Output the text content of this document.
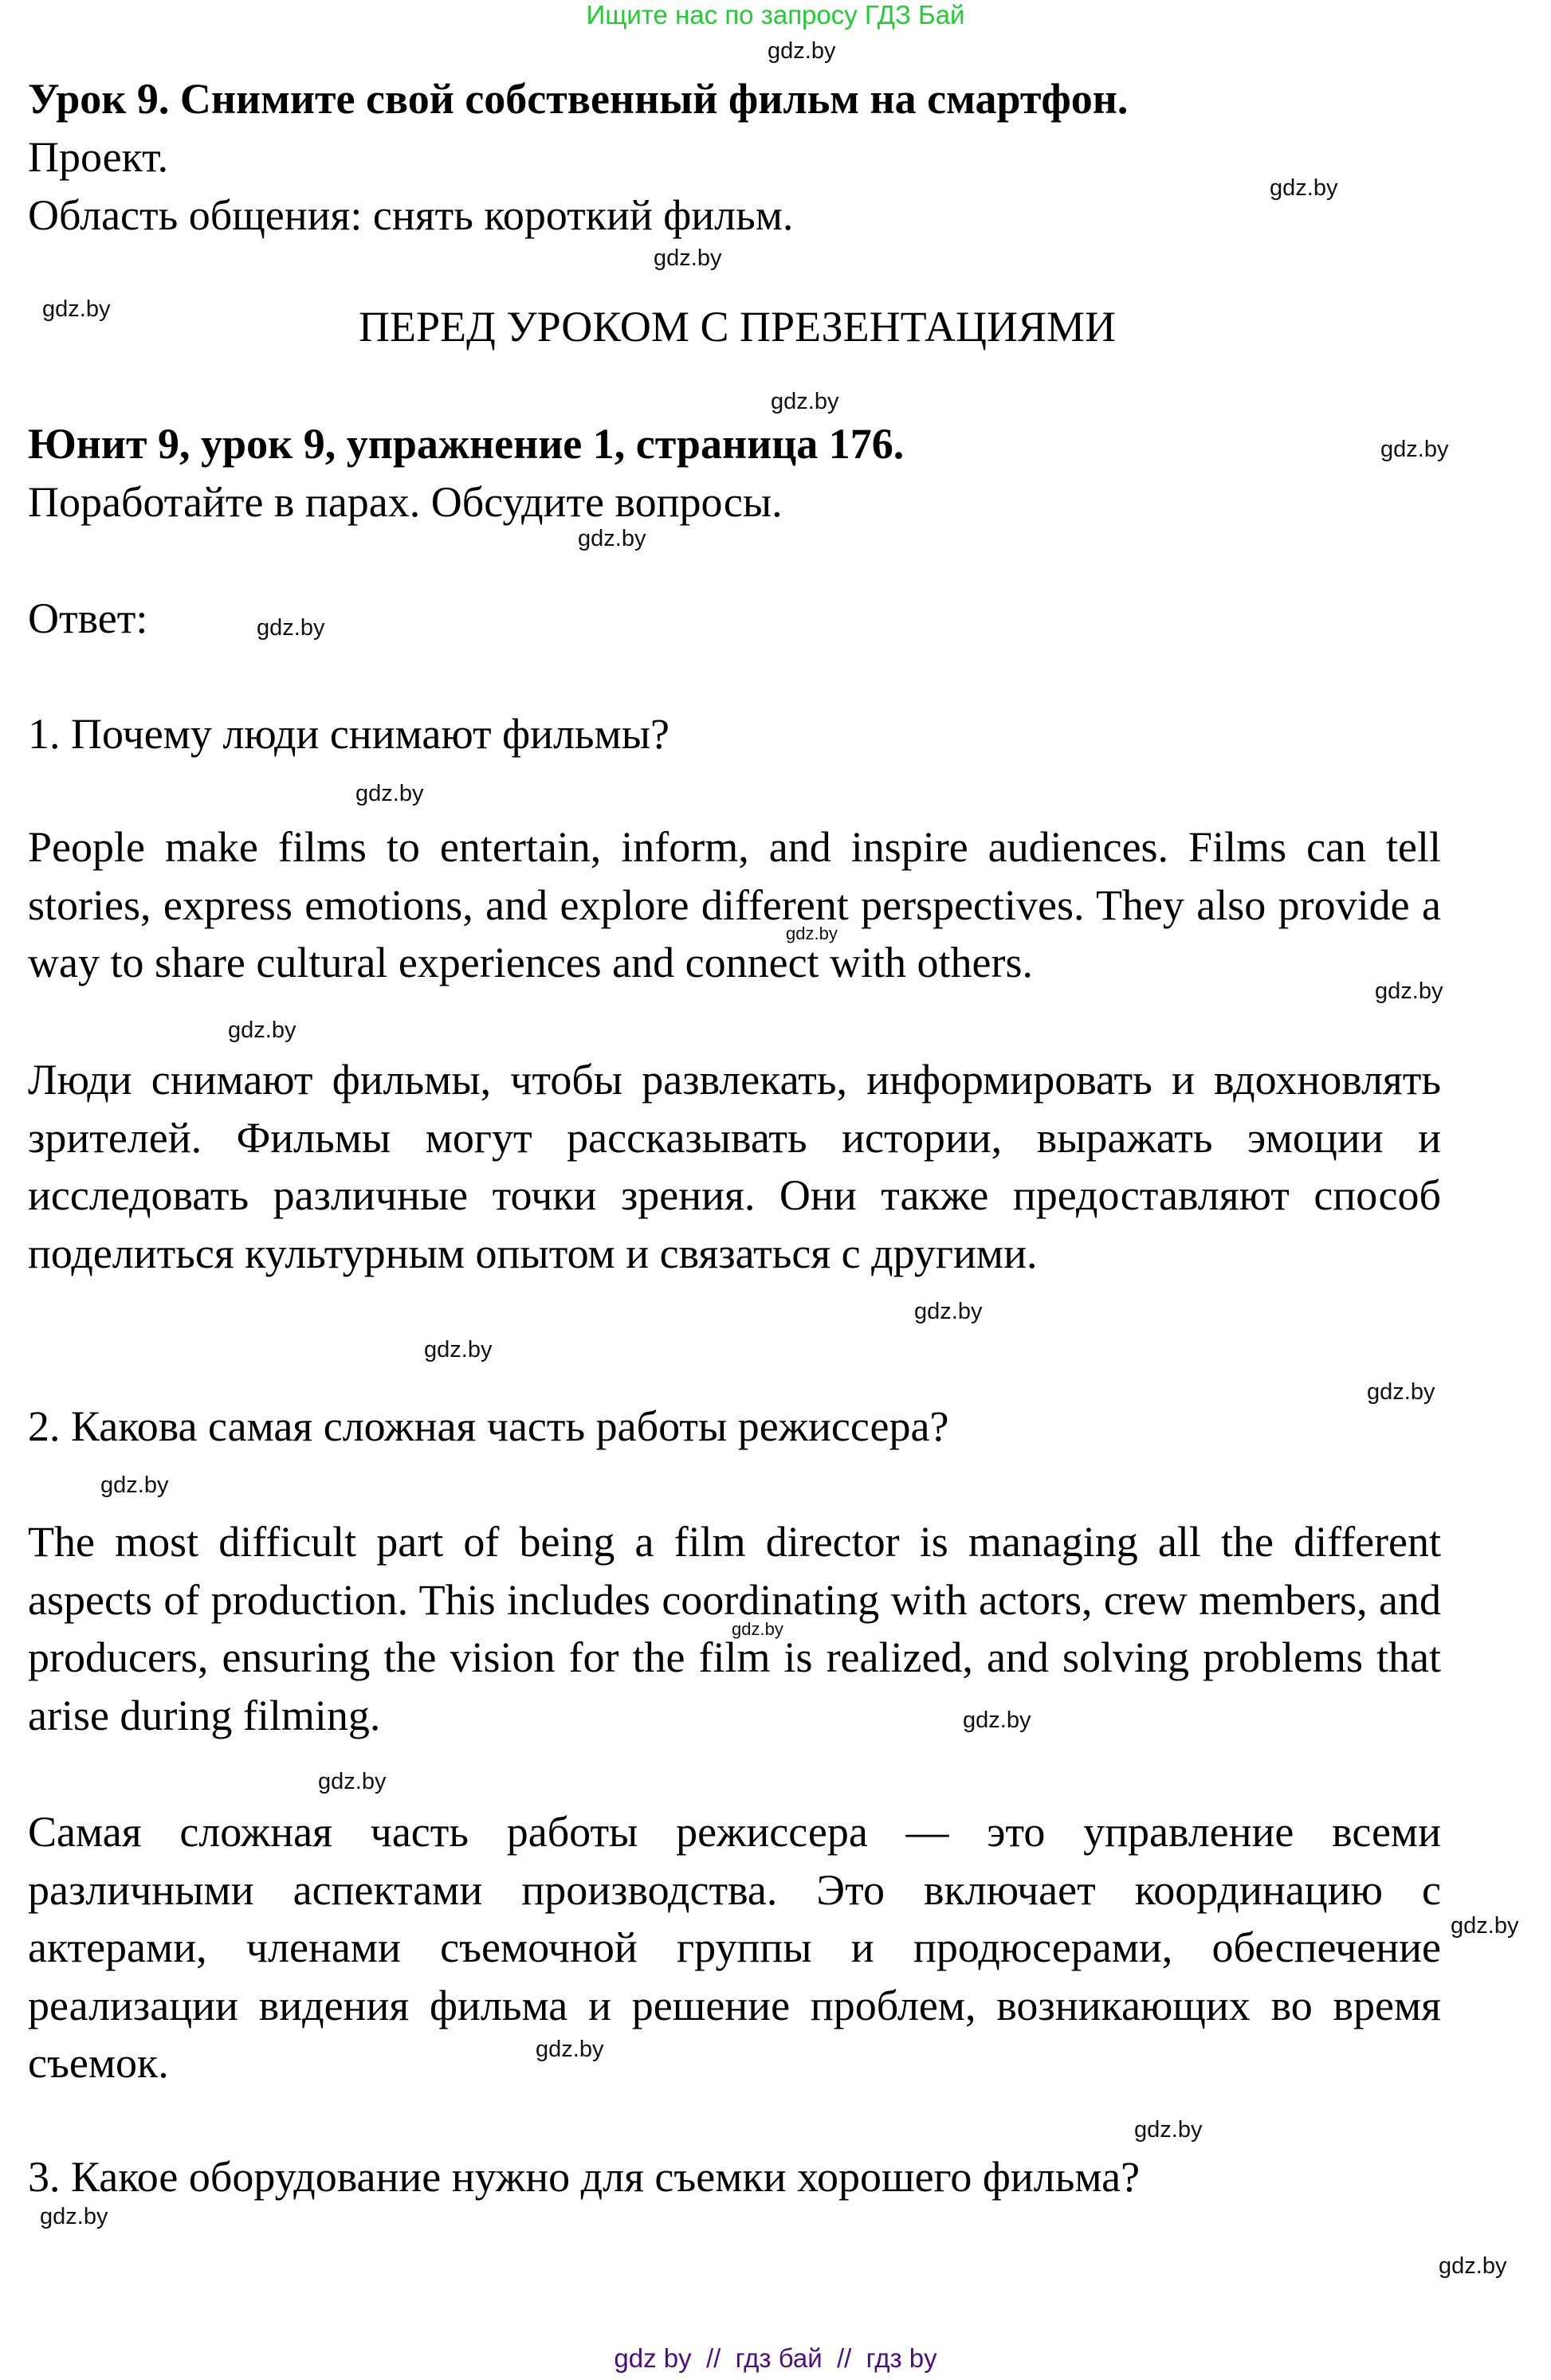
Ищите нас по запросу ГДЗ Бай
Урок 9. Снимите свой собственный фильм на смартфон.
Проект.
Область общения: снять короткий фильм.
ПЕРЕД УРОКОМ С ПРЕЗЕНТАЦИЯМИ
Юнит 9, урок 9, упражнение 1, страница 176.
Поработайте в парах. Обсудите вопросы.
Ответ:
1. Почему люди снимают фильмы?

People make films to entertain, inform, and inspire audiences. Films can tell stories, express emotions, and explore different perspectives. They also provide a way to share cultural experiences and connect with others.

Люди снимают фильмы, чтобы развлекать, информировать и вдохновлять зрителей. Фильмы могут рассказывать истории, выражать эмоции и исследовать различные точки зрения. Они также предоставляют способ поделиться культурным опытом и связаться с другими.

2. Какова самая сложная часть работы режиссера?

The most difficult part of being a film director is managing all the different aspects of production. This includes coordinating with actors, crew members, and producers, ensuring the vision for the film is realized, and solving problems that arise during filming.

Самая сложная часть работы режиссера — это управление всеми различными аспектами производства. Это включает координацию с актерами, членами съемочной группы и продюсерами, обеспечение реализации видения фильма и решение проблем, возникающих во время съемок.

3. Какое оборудование нужно для съемки хорошего фильма?
gdz.by
gdz.by
gdz.by
gdz.by
gdz.by
gdz.by
gdz.by
gdz.by
gdz.by
gdz.by
gdz.by
gdz.by
gdz.by
gdz.by
gdz.by
gdz.by
gdz.by
gdz.by
gdz.by
gdz.by
gdz.by
gdz.by
gdz.by
gdz.by
gdz by  //  гдз бай  //  гдз by
